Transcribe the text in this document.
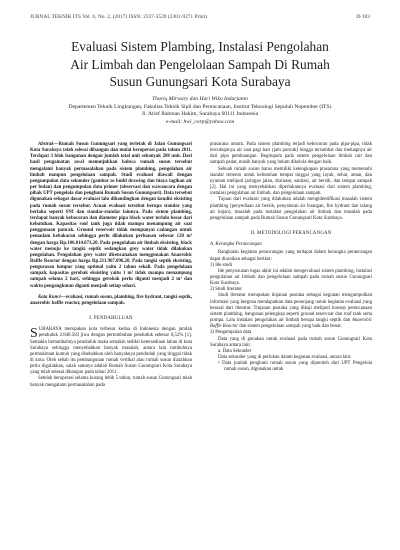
JURNAL TEKNIK ITS Vol. 6, No. 2, (2017) ISSN: 2337-3539 (2301-9271 Print)	D-103
Evaluasi Sistem Plambing, Instalasi Pengolahan
Air Limbah dan Pengelolaan Sampah Di Rumah
Susun Gunungsari Kota Surabaya
Thariq Mirwary dan Hari Wiko Indarjanto
Departemen Teknik Lingkungan, Fakultas Teknik Sipil dan Perencanaan, Institut Teknologi Sepuluh Nopember (ITS)
Jl. Arief Rahman Hakim, Surabaya 60111 Indonesia
e-mail: hwi_corp@yahoo.com

Abstrak—Rumah Susun Gunungsari yang terletak di Jalan Gunungsari Kota Surabaya telah selesai dibangun dan mulai beroperasi pada tahun 2011. Terdapat 3 blok bangunan dengan jumlah total unit sebanyak 288 unit. Dari hasil pengamatan awal menunjukkan bahwa rumah susun tersebut mengalami banyak permasalahan pada sistem plambing, pengolahan air limbah maupun pengelolaan sampah. Studi evaluasi diawali dengan pengumpulan data sekunder (gambar as build drawing dan biaya tagihan air per bulan) dan pengumpulan data primer (observasi dan wawancara dengan pihak UPT pengelola dan penghuni Rumah Susun Gunungsari). Data tersebut digunakan sebagai dasar evaluasi lalu dibandingkan dengan kondisi eksisting pada rumah susun tersebut. Acuan evaluasi tersebut berupa standar yang berlaku seperti SNI dan standar-standar lainnya. Pada sistem plambing, terdapat banyak kebocoran dan diameter pipa black water terlalu besar dari kebutuhan. Kapasitas roof tank juga tidak mampu menampung air saat penggunaan puncak. Ground reservoir tidak mempunyai cadangan untuk pemadam kebakaran sehingga perlu dilakukan perluasan sebesar 120 m³ dengan harga Rp.106.014.073,20. Pada pengolahan air limbah eksisting, black water menuju ke tangki septik sedangkan grey water tidak dilakukan pengolahan. Pengolahan grey water direncanakan menggunakan Anaerobic Baffle Reactor dengan harga Rp.211.967.096,20. Pada tangki septik eksisting, pengurasan lumpur yang optimal yaitu 2 tahun sekali. Pada pengelolaan sampah, kapasitas gerobak eksisting yaitu 1 m³ tidak mampu menampung sampah selama 2 hari, sehingga gerobak perlu diganti menjadi 2 m³ dan waktu pengangkutan diganti menjadi setiap sehari.

Kata Kunci—evaluasi, rumah susun, plambing, fire hydrant, tangki septik, anaerobic baffle reactor, pengelolaan sampah.

I. PENDAHULUAN

SURABAYA merupakan kota terbesar kedua di Indonesia dengan jumlah penduduk 2.848.583 jiwa dengan pertumbuhan penduduk sebesar 0,52% [1]. Semakin bertambahnya penduduk maka semakin sedikit ketersediaan lahan di kota Surabaya sehingga menyebabkan banyak masalah, antara lain tumbuhnya permukiman kumuh yang disebabkan oleh banyaknya penduduk yang tinggal tidak di kota. Oleh sebab itu pembangunan rumah vertikal atau rumah susun diarahkan perlu digalakkan, salah satunya adalah Rumah Susun Gunungsari Kota Surabaya yang telah selesai dibangun pada tahun 2011.

Setelah beroperasi selama kurang lebih 5 tahun, rumah susun Gunungsari telah banyak mengalami permasalahan pada

prasarana umum. Pada sistem plambing terjadi kebocoran pada pipa-pipa, tidak tercukupinya air saat pagi hari (jam puncak) hingga tersumbat dan meluapnya air dari pipa pembuangan. Begitupula pada sistem pengelolaan limbah cair dan sampah padat, masih banyak yang belum dikelola dengan baik.

Sebuah rumah susun harus memiliki kelengkapan prasarana yang memenuhi standar tertentu untuk kebutuhan tempat tinggal yang layak, sehat, aman, dan nyaman meliputi jaringan jalan, drainase, sanitasi, air bersih, dan tempat sampah [2]. Hal ini yang menyebabkan diperlukannya evaluasi dari sistem plambing, instalasi pengolahan air limbah, dan pengelolaan sampah.

Tujuan dari evaluasi yang dilakukan adalah mengidentifikasi masalah sistem plambing (penyediaan air bersih, penyaluran air buangan, fire hydrant dan talang air hujan), masalah pada instalasi pengolahan air limbah dan masalah pada pengelolaan sampah pada Rumah Susun Gunungsari Kota Surabaya.

II. METODOLOGI PERANCANGAN

A. Kerangka Perancangan

Rangkaian kegiatan perancangan yang terdapat dalam kerangka perancangan dapat diuraikan sebagai berikut:

1) Ide studi

Ide penyusunan tugas akhir ini adalah mengevaluasi sistem plambing, instalasi pengolahan air limbah dan pengelolaan sampah pada rumah susun Gunungsari Kota Surabaya.

2) Studi literatur

Studi literatur merupakan tinjauan pustaka sebagai kegiatan mengumpulkan informasi yang berguna mendapatkan data penunjang untuk kegiatan evaluasi yang berasal dari literatur. Tinjauan pustaka yang dikaji meliputi konsep perencanaan sistem plambing, bangunan pelengkap seperti ground reservoar dan roof tank serta pompa. Lalu instalasi pengolahan air limbah berupa tangki septik dan Anaerobic Baffle Reactor dan sistem pengelolaan sampah yang baik dan benar.

3) Pengumpulan data

Data yang di gunakan untuk evaluasi pada rumah susun Gunungsari Kota Surabaya antara lain:

a. Data Sekunder

Data sekunder yang di perlukan dalam kegiatan evaluasi, antara lain:

• Data jumlah penghuni rumah susun yang diperoleh dari UPT Pengelola rumah susun, digunakan untuk
